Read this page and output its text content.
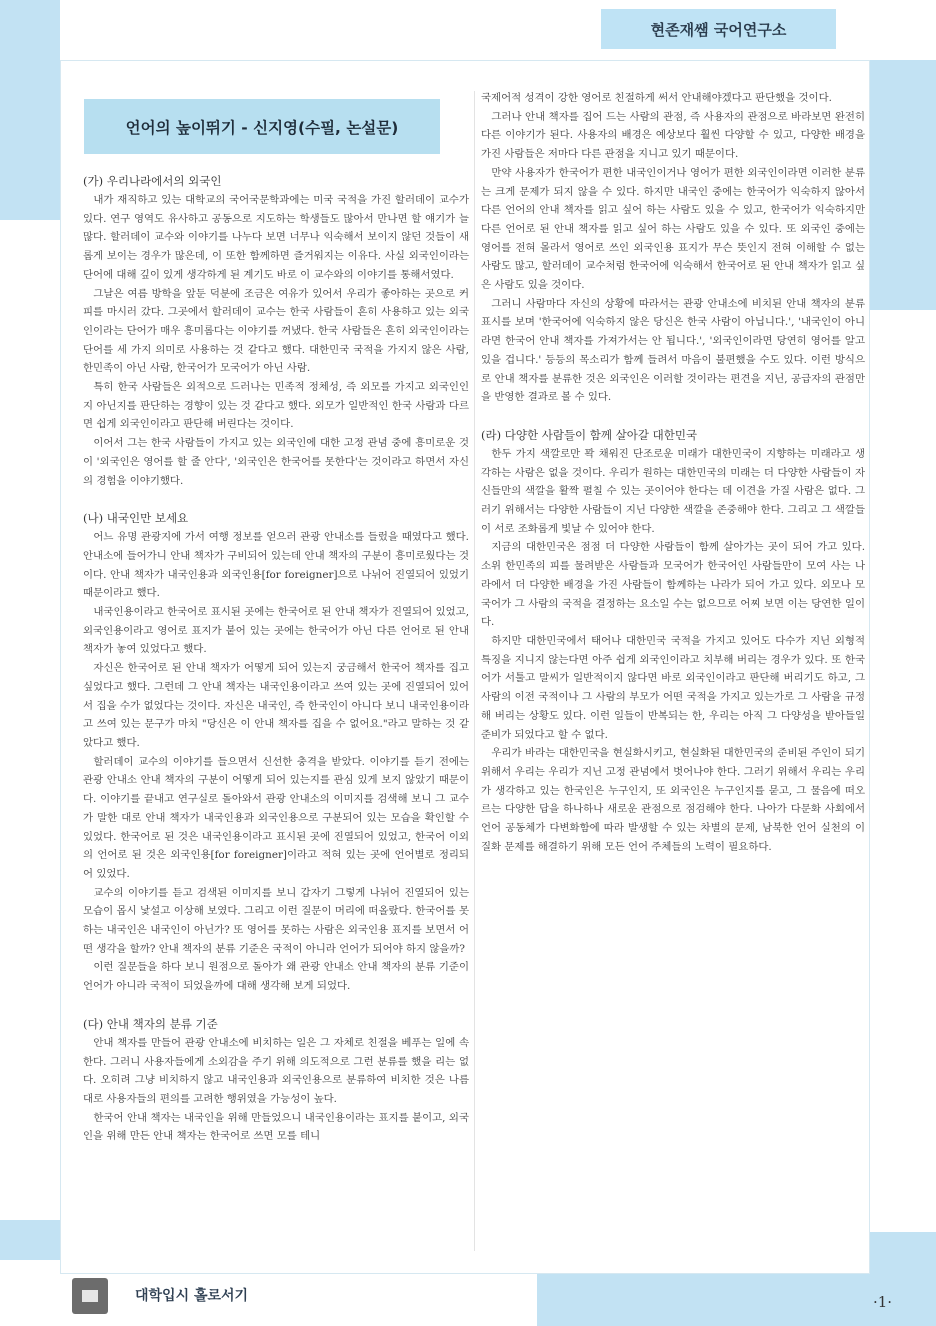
현존재쌤 국어연구소
언어의 높이뛰기 - 신지영(수필, 논설문)

(가) 우리나라에서의 외국인

내가 재직하고 있는 대학교의 국어국문학과에는 미국 국적을 가진 할러데이 교수가 있다. 연구 영역도 유사하고 공동으로 지도하는 학생들도 많아서 만나면 할 얘기가 늘 많다. 할러데이 교수와 이야기를 나누다 보면 너무나 익숙해서 보이지 않던 것들이 새롭게 보이는 경우가 많은데, 이 또한 함께하면 즐거워지는 이유다. 사실 외국인이라는 단어에 대해 깊이 있게 생각하게 된 계기도 바로 이 교수와의 이야기를 통해서였다.

그날은 여름 방학을 앞둔 덕분에 조금은 여유가 있어서 우리가 좋아하는 곳으로 커피를 마시러 갔다. 그곳에서 할러데이 교수는 한국 사람들이 흔히 사용하고 있는 외국인이라는 단어가 매우 흥미롭다는 이야기를 꺼냈다. 한국 사람들은 흔히 외국인이라는 단어를 세 가지 의미로 사용하는 것 같다고 했다. 대한민국 국적을 가지지 않은 사람, 한민족이 아닌 사람, 한국어가 모국어가 아닌 사람.

특히 한국 사람들은 외적으로 드러나는 민족적 정체성, 즉 외모를 가지고 외국인인지 아닌지를 판단하는 경향이 있는 것 같다고 했다. 외모가 일반적인 한국 사람과 다르면 쉽게 외국인이라고 판단해 버린다는 것이다.

이어서 그는 한국 사람들이 가지고 있는 외국인에 대한 고정 관념 중에 흥미로운 것이 '외국인은 영어를 할 줄 안다', '외국인은 한국어를 못한다'는 것이라고 하면서 자신의 경험을 이야기했다.

(나) 내국인만 보세요

어느 유명 관광지에 가서 여행 정보를 얻으러 관광 안내소를 들렀을 때였다고 했다. 안내소에 들어가니 안내 책자가 구비되어 있는데 안내 책자의 구분이 흥미로웠다는 것이다. 안내 책자가 내국인용과 외국인용[for foreigner]으로 나뉘어 진열되어 있었기 때문이라고 했다.

내국인용이라고 한국어로 표시된 곳에는 한국어로 된 안내 책자가 진열되어 있었고, 외국인용이라고 영어로 표지가 붙어 있는 곳에는 한국어가 아닌 다른 언어로 된 안내 책자가 놓여 있었다고 했다.

자신은 한국어로 된 안내 책자가 어떻게 되어 있는지 궁금해서 한국어 책자를 집고 싶었다고 했다. 그런데 그 안내 책자는 내국인용이라고 쓰여 있는 곳에 진열되어 있어서 집을 수가 없었다는 것이다. 자신은 내국인, 즉 한국인이 아니다 보니 내국인용이라고 쓰여 있는 문구가 마치 "당신은 이 안내 책자를 집을 수 없어요."라고 말하는 것 같았다고 했다.

할러데이 교수의 이야기를 들으면서 신선한 충격을 받았다. 이야기를 듣기 전에는 관광 안내소 안내 책자의 구분이 어떻게 되어 있는지를 관심 있게 보지 않았기 때문이다. 이야기를 끝내고 연구실로 돌아와서 관광 안내소의 이미지를 검색해 보니 그 교수가 말한 대로 안내 책자가 내국인용과 외국인용으로 구분되어 있는 모습을 확인할 수 있었다. 한국어로 된 것은 내국인용이라고 표시된 곳에 진열되어 있었고, 한국어 이외의 언어로 된 것은 외국인용[for foreigner]이라고 적혀 있는 곳에 언어별로 정리되어 있었다.

교수의 이야기를 듣고 검색된 이미지를 보니 갑자기 그렇게 나뉘어 진열되어 있는 모습이 몹시 낯설고 이상해 보였다. 그리고 이런 질문이 머리에 떠올랐다. 한국어를 못하는 내국인은 내국인이 아닌가? 또 영어를 못하는 사람은 외국인용 표지를 보면서 어떤 생각을 할까? 안내 책자의 분류 기준은 국적이 아니라 언어가 되어야 하지 않을까?

이런 질문들을 하다 보니 원점으로 돌아가 왜 관광 안내소 안내 책자의 분류 기준이 언어가 아니라 국적이 되었을까에 대해 생각해 보게 되었다.

(다) 안내 책자의 분류 기준

안내 책자를 만들어 관광 안내소에 비치하는 일은 그 자체로 친절을 베푸는 일에 속한다. 그러니 사용자들에게 소외감을 주기 위해 의도적으로 그런 분류를 했을 리는 없다. 오히려 그냥 비치하지 않고 내국인용과 외국인용으로 분류하여 비치한 것은 나름대로 사용자들의 편의를 고려한 행위였을 가능성이 높다.

한국어 안내 책자는 내국인을 위해 만들었으니 내국인용이라는 표지를 붙이고, 외국인을 위해 만든 안내 책자는 한국어로 쓰면 모를 테니

국제어적 성격이 강한 영어로 친절하게 써서 안내해야겠다고 판단했을 것이다.

그러나 안내 책자를 집어 드는 사람의 관점, 즉 사용자의 관점으로 바라보면 완전히 다른 이야기가 된다. 사용자의 배경은 예상보다 훨씬 다양할 수 있고, 다양한 배경을 가진 사람들은 저마다 다른 관점을 지니고 있기 때문이다.

만약 사용자가 한국어가 편한 내국인이거나 영어가 편한 외국인이라면 이러한 분류는 크게 문제가 되지 않을 수 있다. 하지만 내국인 중에는 한국어가 익숙하지 않아서 다른 언어의 안내 책자를 읽고 싶어 하는 사람도 있을 수 있고, 한국어가 익숙하지만 다른 언어로 된 안내 책자를 읽고 싶어 하는 사람도 있을 수 있다. 또 외국인 중에는 영어를 전혀 몰라서 영어로 쓰인 외국인용 표지가 무슨 뜻인지 전혀 이해할 수 없는 사람도 많고, 할러데이 교수처럼 한국어에 익숙해서 한국어로 된 안내 책자가 읽고 싶은 사람도 있을 것이다.

그러니 사람마다 자신의 상황에 따라서는 관광 안내소에 비치된 안내 책자의 분류 표시를 보며 '한국어에 익숙하지 않은 당신은 한국 사람이 아닙니다.', '내국인이 아니라면 한국어 안내 책자를 가져가서는 안 됩니다.', '외국인이라면 당연히 영어를 알고 있을 겁니다.' 등등의 목소리가 함께 들려서 마음이 불편했을 수도 있다. 이런 방식으로 안내 책자를 분류한 것은 외국인은 이러할 것이라는 편견을 지닌, 공급자의 관점만을 반영한 결과로 볼 수 있다.

(라) 다양한 사람들이 함께 살아갈 대한민국

한두 가지 색깔로만 꽉 채워진 단조로운 미래가 대한민국이 지향하는 미래라고 생각하는 사람은 없을 것이다. 우리가 원하는 대한민국의 미래는 더 다양한 사람들이 자신들만의 색깔을 활짝 펼칠 수 있는 곳이어야 한다는 데 이견을 가질 사람은 없다. 그러기 위해서는 다양한 사람들이 지닌 다양한 색깔을 존중해야 한다. 그리고 그 색깔들이 서로 조화롭게 빛날 수 있어야 한다.

지금의 대한민국은 점점 더 다양한 사람들이 함께 살아가는 곳이 되어 가고 있다. 소위 한민족의 피를 물려받은 사람들과 모국어가 한국어인 사람들만이 모여 사는 나라에서 더 다양한 배경을 가진 사람들이 함께하는 나라가 되어 가고 있다. 외모나 모국어가 그 사람의 국적을 결정하는 요소일 수는 없으므로 어찌 보면 이는 당연한 일이다.

하지만 대한민국에서 태어나 대한민국 국적을 가지고 있어도 다수가 지닌 외형적 특징을 지니지 않는다면 아주 쉽게 외국인이라고 치부해 버리는 경우가 있다. 또 한국어가 서툴고 말씨가 일반적이지 않다면 바로 외국인이라고 판단해 버리기도 하고, 그 사람의 이전 국적이나 그 사람의 부모가 어떤 국적을 가지고 있는가로 그 사람을 규정해 버리는 상황도 있다. 이런 일들이 반복되는 한, 우리는 아직 그 다양성을 받아들일 준비가 되었다고 할 수 없다.

우리가 바라는 대한민국을 현실화시키고, 현실화된 대한민국의 준비된 주인이 되기 위해서 우리는 우리가 지닌 고정 관념에서 벗어나야 한다. 그러기 위해서 우리는 우리가 생각하고 있는 한국인은 누구인지, 또 외국인은 누구인지를 묻고, 그 물음에 떠오르는 다양한 답을 하나하나 새로운 관점으로 점검해야 한다. 나아가 다문화 사회에서 언어 공동체가 다변화함에 따라 발생할 수 있는 차별의 문제, 남북한 언어 실천의 이질화 문제를 해결하기 위해 모든 언어 주체들의 노력이 필요하다.

대학입시 홀로서기	·1·
